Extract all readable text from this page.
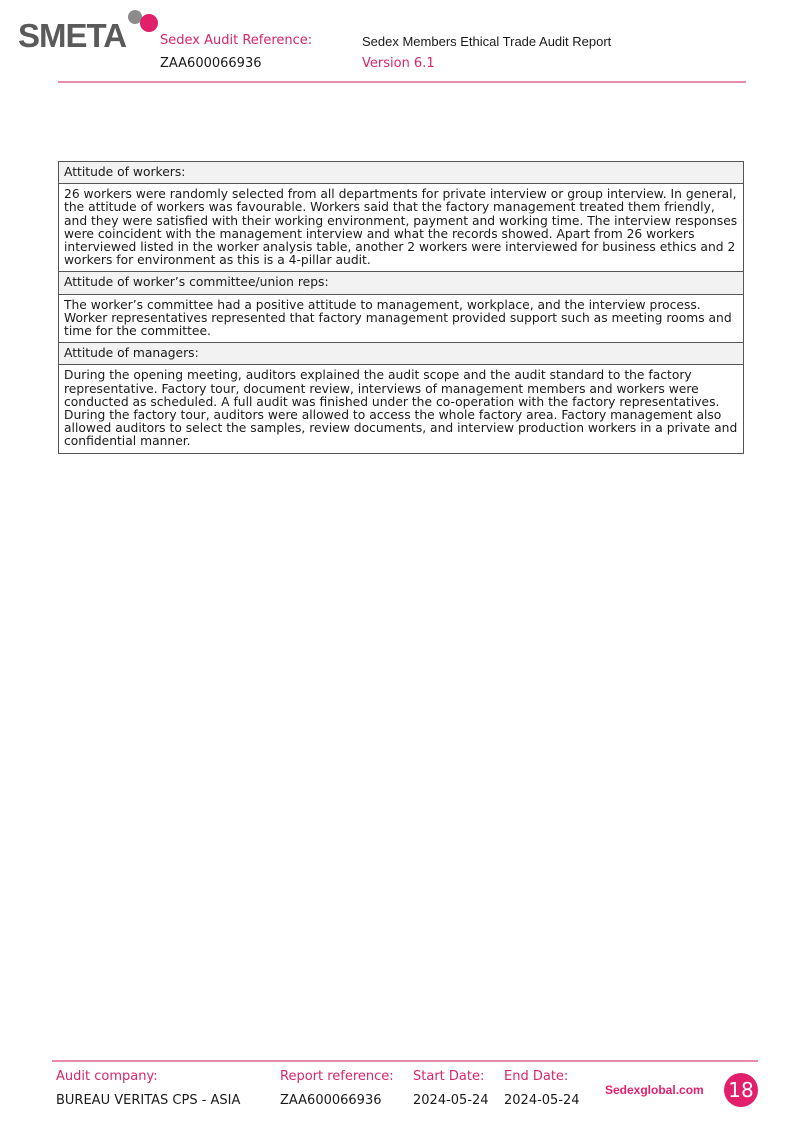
SMETA	Sedex Audit Reference:
ZAA600066936
Sedex Members Ethical Trade Audit Report
Version 6.1
Attitude of workers:
26 workers were randomly selected from all departments for private interview or group interview. In general, the attitude of workers was favourable. Workers said that the factory management treated them friendly, and they were satisfied with their working environment, payment and working time. The interview responses were coincident with the management interview and what the records showed. Apart from 26 workers interviewed listed in the worker analysis table, another 2 workers were interviewed for business ethics and 2 workers for environment as this is a 4-pillar audit.
Attitude of worker’s committee/union reps:
The worker’s committee had a positive attitude to management, workplace, and the interview process. Worker representatives represented that factory management provided support such as meeting rooms and time for the committee.
Attitude of managers:
During the opening meeting, auditors explained the audit scope and the audit standard to the factory representative. Factory tour, document review, interviews of management members and workers were conducted as scheduled. A full audit was finished under the co-operation with the factory representatives. During the factory tour, auditors were allowed to access the whole factory area. Factory management also allowed auditors to select the samples, review documents, and interview production workers in a private and confidential manner.
Audit company:
BUREAU VERITAS CPS - ASIA
Report reference:
ZAA600066936
Start Date:
2024-05-24
End Date:
2024-05-24
Sedexglobal.com 18
